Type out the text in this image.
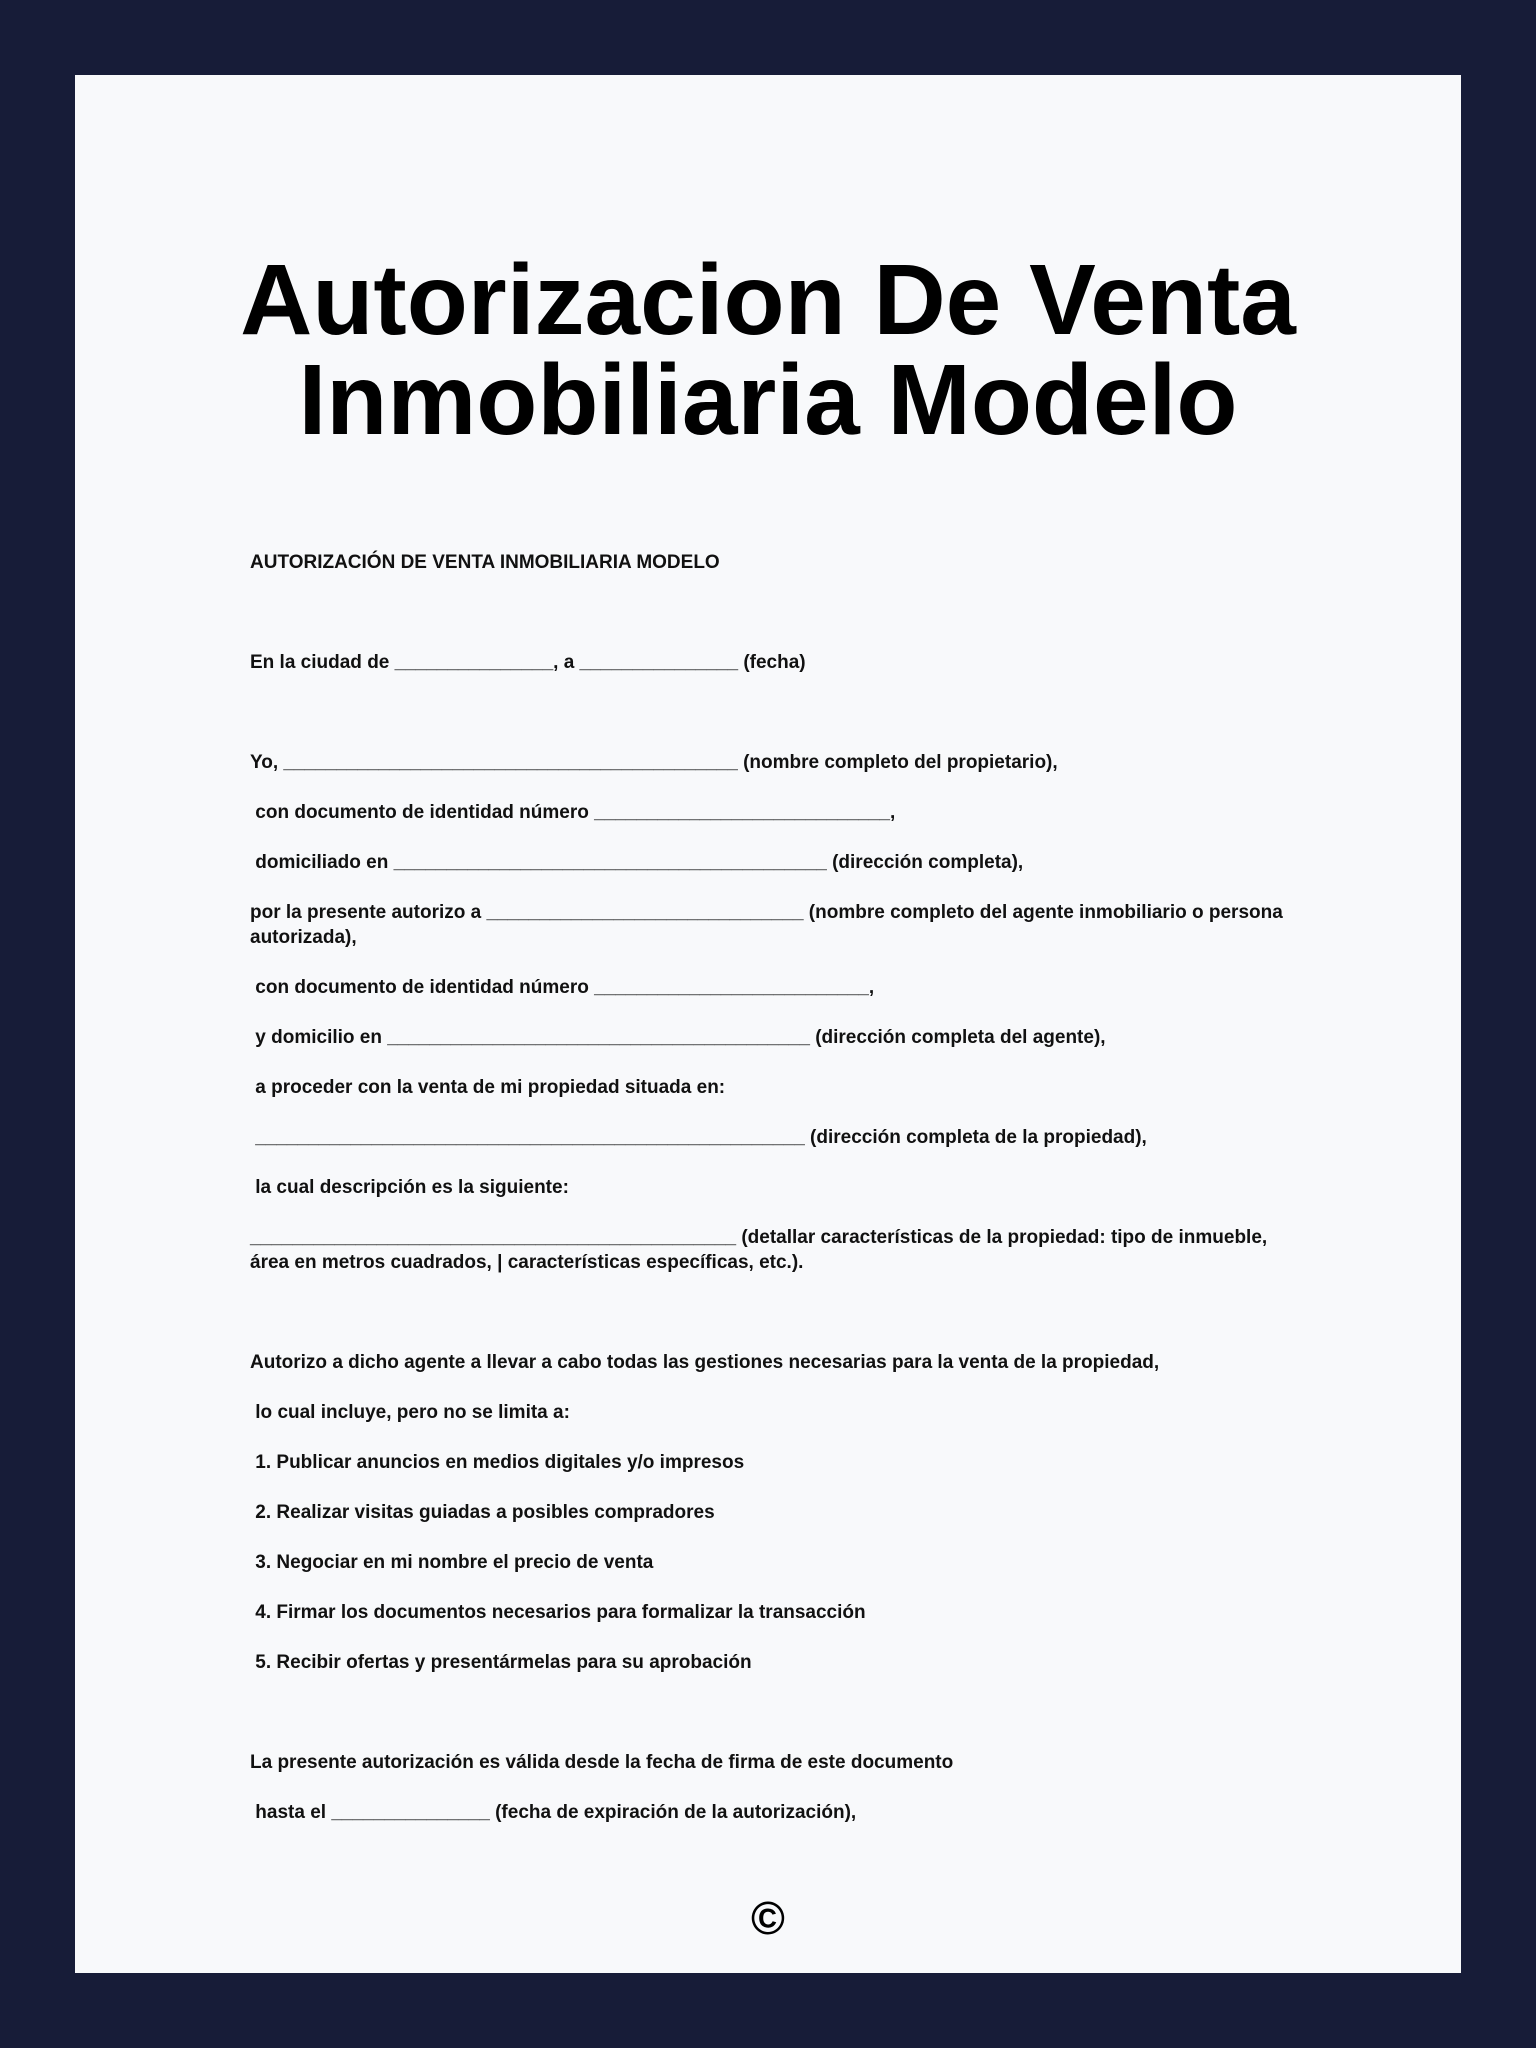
Autorizacion De Venta
Inmobiliaria Modelo

AUTORIZACIÓN DE VENTA INMOBILIARIA MODELO

En la ciudad de _______________, a _______________ (fecha)

Yo, ___________________________________________ (nombre completo del propietario),

con documento de identidad número ____________________________,

domiciliado en _________________________________________ (dirección completa),

por la presente autorizo a ______________________________ (nombre completo del agente inmobiliario o persona autorizada),

con documento de identidad número __________________________,

y domicilio en ________________________________________ (dirección completa del agente),

a proceder con la venta de mi propiedad situada en:

____________________________________________________ (dirección completa de la propiedad),

la cual descripción es la siguiente:

______________________________________________ (detallar características de la propiedad: tipo de inmueble, área en metros cuadrados, | características específicas, etc.).

Autorizo a dicho agente a llevar a cabo todas las gestiones necesarias para la venta de la propiedad,

lo cual incluye, pero no se limita a:

1. Publicar anuncios en medios digitales y/o impresos

2. Realizar visitas guiadas a posibles compradores

3. Negociar en mi nombre el precio de venta

4. Firmar los documentos necesarios para formalizar la transacción

5. Recibir ofertas y presentármelas para su aprobación

La presente autorización es válida desde la fecha de firma de este documento

hasta el _______________ (fecha de expiración de la autorización),

©
